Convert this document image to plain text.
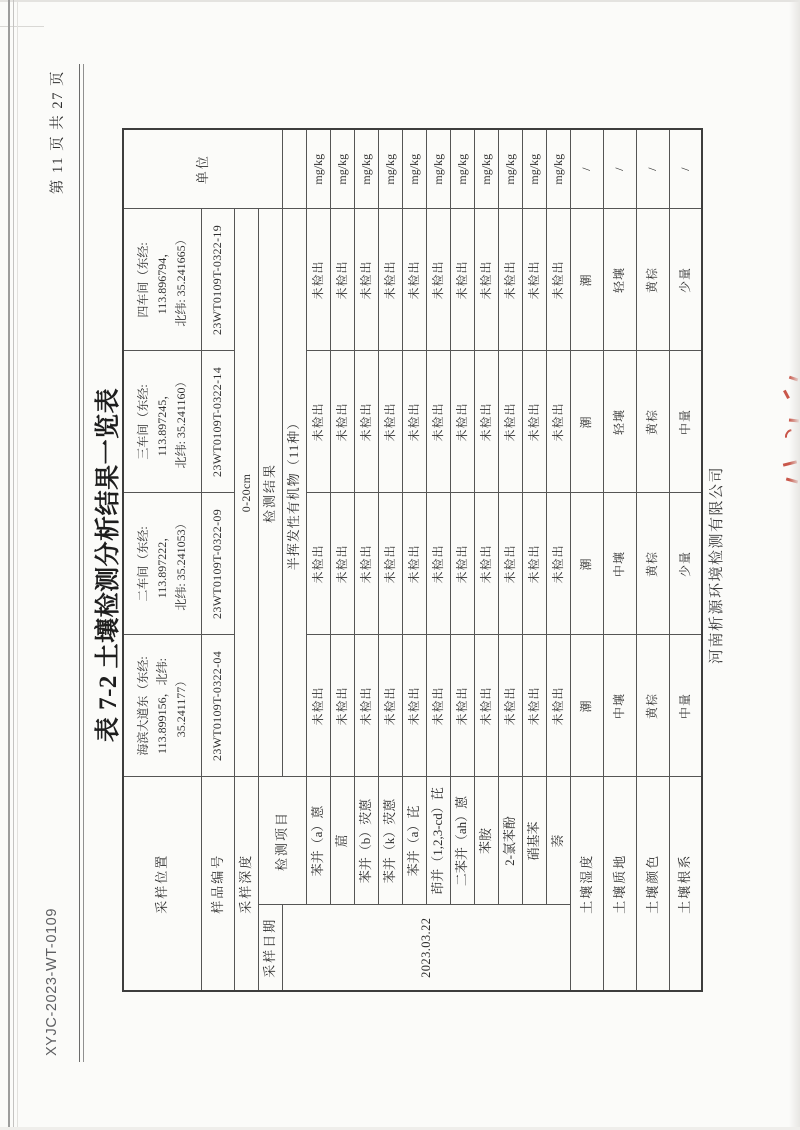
XYJC-2023-WT-0109
第 11 页 共 27 页
表 7-2 土壤检测分析结果一览表
采样位置	
海滨大道东（东经: 113.899156，北纬: 35.241177）

二车间（东经: 113.897222， 北纬: 35.241053）

三车间（东经: 113.897245， 北纬: 35.241160）

四车间（东经: 113.896794， 北纬: 35.241665）
	单位
样品编号		23WT0109T-0322-04	23WT0109T-0322-09	23WT0109T-0322-14	23WT0109T-0322-19	
采样深度		0-20cm				
采样日期	检测项目	检测结果				
2023.03.22		半挥发性有机物（11种）				
	苯并（a）蒽	未检出	未检出	未检出	未检出	mg/kg
	䓛	未检出	未检出	未检出	未检出	mg/kg
	苯并（b）荧蒽	未检出	未检出	未检出	未检出	mg/kg
	苯并（k）荧蒽	未检出	未检出	未检出	未检出	mg/kg
	苯并（a）芘	未检出	未检出	未检出	未检出	mg/kg
	茚并（1,2,3-cd）芘	未检出	未检出	未检出	未检出	mg/kg
	二苯并（ah）蒽	未检出	未检出	未检出	未检出	mg/kg
	苯胺	未检出	未检出	未检出	未检出	mg/kg
	2-氯苯酚	未检出	未检出	未检出	未检出	mg/kg
	硝基苯	未检出	未检出	未检出	未检出	mg/kg
	萘	未检出	未检出	未检出	未检出	mg/kg
土壤湿度		潮	潮	潮	潮	/
土壤质地		中壤	中壤	轻壤	轻壤	/
土壤颜色		黄棕	黄棕	黄棕	黄棕	/
土壤根系		中量	少量	中量	少量	/
河南析源环境检测有限公司
